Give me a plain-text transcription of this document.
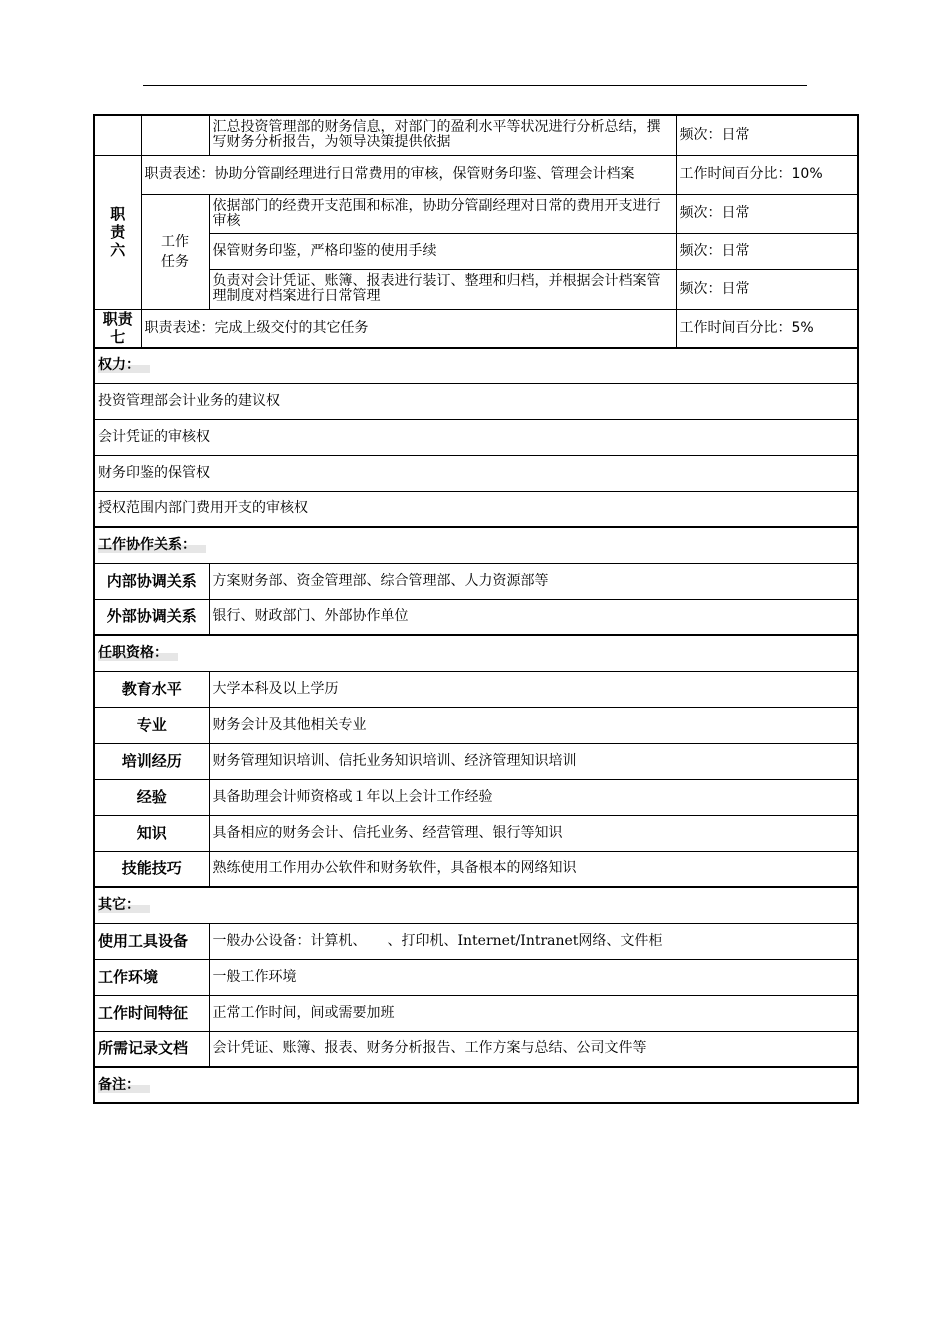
		汇总投资管理部的财务信息，对部门的盈利水平等状况进行分析总结，撰写财务分析报告，为领导决策提供依据	频次：日常
职责六	职责表述：协助分管副经理进行日常费用的审核，保管财务印鉴、管理会计档案		工作时间百分比：10%
	工作任务	依据部门的经费开支范围和标准，协助分管副经理对日常的费用开支进行审核	频次：日常
		保管财务印鉴，严格印鉴的使用手续	频次：日常
		负责对会计凭证、账簿、报表进行装订、整理和归档，并根据会计档案管理制度对档案进行日常管理	频次：日常
职责七	职责表述：完成上级交付的其它任务		工作时间百分比：5%
权力：			
投资管理部会计业务的建议权			
会计凭证的审核权			
财务印鉴的保管权			
授权范围内部门费用开支的审核权			
工作协作关系：			
内部协调关系		方案财务部、资金管理部、综合管理部、人力资源部等	
外部协调关系		银行、财政部门、外部协作单位	
任职资格：			
教育水平		大学本科及以上学历	
专业		财务会计及其他相关专业	
培训经历		财务管理知识培训、信托业务知识培训、经济管理知识培训	
经验		具备助理会计师资格或１年以上会计工作经验	
知识		具备相应的财务会计、信托业务、经营管理、银行等知识	
技能技巧		熟练使用工作用办公软件和财务软件，具备根本的网络知识	
其它：			
使用工具设备		一般办公设备：计算机、　　、打印机、Internet/Intranet网络、文件柜	
工作环境		一般工作环境	
工作时间特征		正常工作时间，间或需要加班	
所需记录文档		会计凭证、账簿、报表、财务分析报告、工作方案与总结、公司文件等	
备注：			
